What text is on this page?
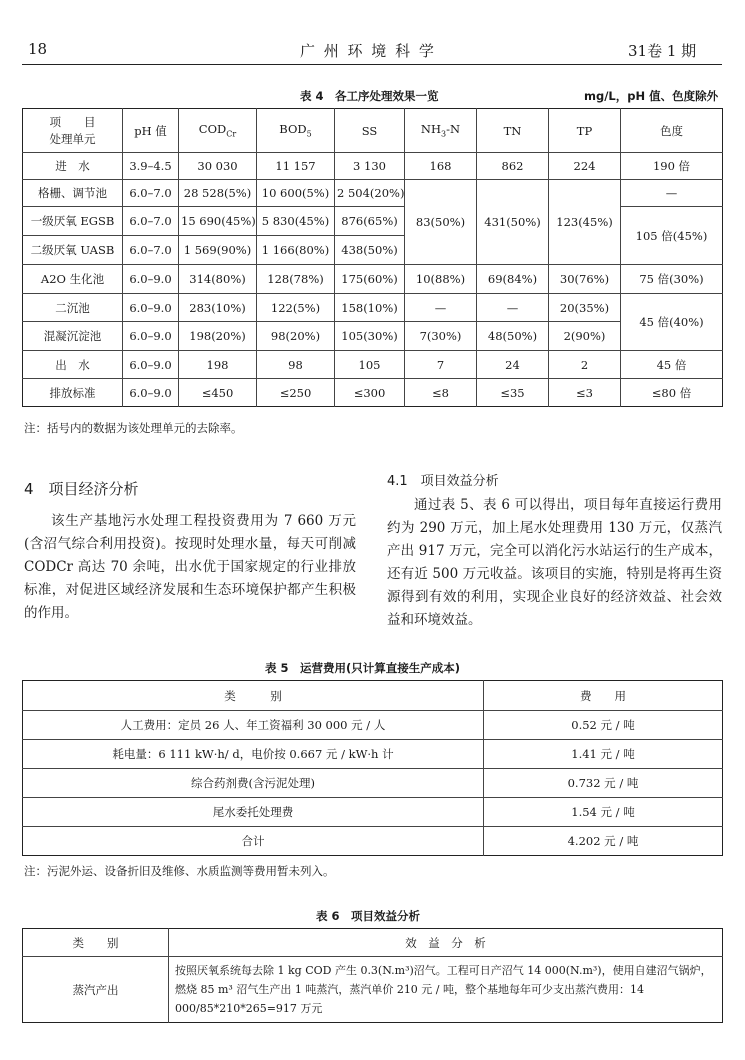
18	广 州 环 境 科 学	31卷 1 期
表 4　各工序处理效果一览	mg/L，pH 值、色度除外
项　　目
处理单元	pH 值	$COD_{Cr}$	$BOD_5$	SS	$NH_3-N$	TN	TP	色度
进　水	3.9–4.5	30 030	11 157	3 130	168	862	224	190 倍
格栅、调节池	6.0–7.0	28 528(5%)	10 600(5%)	2 504(20%)	83(50%)	431(50%)	123(45%)	—
一级厌氧 EGSB	6.0–7.0	15 690(45%)	5 830(45%)	876(65%)				105 倍(45%)
二级厌氧 UASB	6.0–7.0	1 569(90%)	1 166(80%)	438(50%)				
A2O 生化池	6.0–9.0	314(80%)	128(78%)	175(60%)	10(88%)	69(84%)	30(76%)	75 倍(30%)
二沉池	6.0–9.0	283(10%)	122(5%)	158(10%)	—	—	20(35%)	45 倍(40%)
混凝沉淀池	6.0–9.0	198(20%)	98(20%)	105(30%)	7(30%)	48(50%)	2(90%)	
出　水	6.0–9.0	198	98	105	7	24	2	45 倍
排放标准	6.0–9.0	≤450	≤250	≤300	≤8	≤35	≤3	≤80 倍
注：括号内的数据为该处理单元的去除率。
4　项目经济分析
该生产基地污水处理工程投资费用为 7 660 万元(含沼气综合利用投资)。按现时处理水量，每天可削减 CODCr 高达 70 余吨，出水优于国家规定的行业排放标准，对促进区域经济发展和生态环境保护都产生积极的作用。
4.1　项目效益分析
通过表 5、表 6 可以得出，项目每年直接运行费用约为 290 万元，加上尾水处理费用 130 万元，仅蒸汽产出 917 万元，完全可以消化污水站运行的生产成本，还有近 500 万元收益。该项目的实施，特别是将再生资源得到有效的利用，实现企业良好的经济效益、社会效益和环境效益。
表 5　运营费用(只计算直接生产成本)
类　　　别	费　　用
人工费用：定员 26 人、年工资福利 30 000 元 / 人	0.52 元 / 吨
耗电量：6 111 kW·h/ d，电价按 0.667 元 / kW·h 计	1.41 元 / 吨
综合药剂费(含污泥处理)	0.732 元 / 吨
尾水委托处理费	1.54 元 / 吨
合计	4.202 元 / 吨
注：污泥外运、设备折旧及维修、水质监测等费用暂未列入。
表 6　项目效益分析
类　　别	效　益　分　析
蒸汽产出	按照厌氧系统每去除 1 kg COD 产生 0.3(N.m³)沼气。工程可日产沼气 14 000(N.m³)，使用自建沼气锅炉，燃烧 85 m³ 沼气生产出 1 吨蒸汽，蒸汽单价 210 元 / 吨，整个基地每年可少支出蒸汽费用：14 000/85*210*265=917 万元
